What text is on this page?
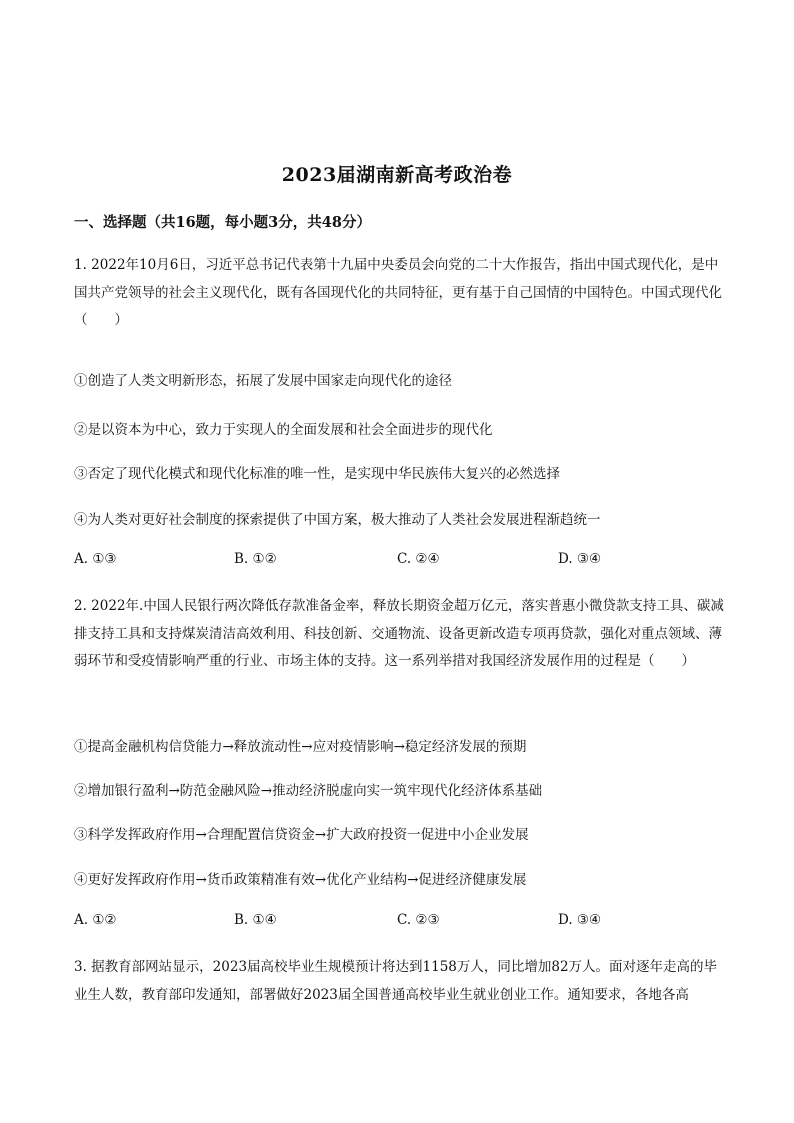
2023届湖南新高考政治卷
一、选择题（共16题，每小题3分，共48分）
1. 2022年10月6日，习近平总书记代表第十九届中央委员会向党的二十大作报告，指出中国式现代化，是中国共产党领导的社会主义现代化，既有各国现代化的共同特征，更有基于自己国情的中国特色。中国式现代化（　　）
①创造了人类文明新形态，拓展了发展中国家走向现代化的途径
②是以资本为中心，致力于实现人的全面发展和社会全面进步的现代化
③否定了现代化模式和现代化标准的唯一性，是实现中华民族伟大复兴的必然选择
④为人类对更好社会制度的探索提供了中国方案，极大推动了人类社会发展进程渐趋统一
A. ①③	B. ①②	C. ②④	D. ③④
2. 2022年.中国人民银行两次降低存款准备金率，释放长期资金超万亿元，落实普惠小微贷款支持工具、碳减排支持工具和支持煤炭清洁高效利用、科技创新、交通物流、设备更新改造专项再贷款，强化对重点领域、薄弱环节和受疫情影响严重的行业、市场主体的支持。这一系列举措对我国经济发展作用的过程是（　　）
①提高金融机构信贷能力→释放流动性→应对疫情影响→稳定经济发展的预期
②增加银行盈利→防范金融风险→推动经济脱虚向实一筑牢现代化经济体系基础
③科学发挥政府作用→合理配置信贷资金→扩大政府投资一促进中小企业发展
④更好发挥政府作用→货币政策精准有效→优化产业结构→促进经济健康发展
A. ①②	B. ①④	C. ②③	D. ③④
3. 据教育部网站显示，2023届高校毕业生规模预计将达到1158万人，同比增加82万人。面对逐年走高的毕业生人数，教育部印发通知，部署做好2023届全国普通高校毕业生就业创业工作。通知要求，各地各高
